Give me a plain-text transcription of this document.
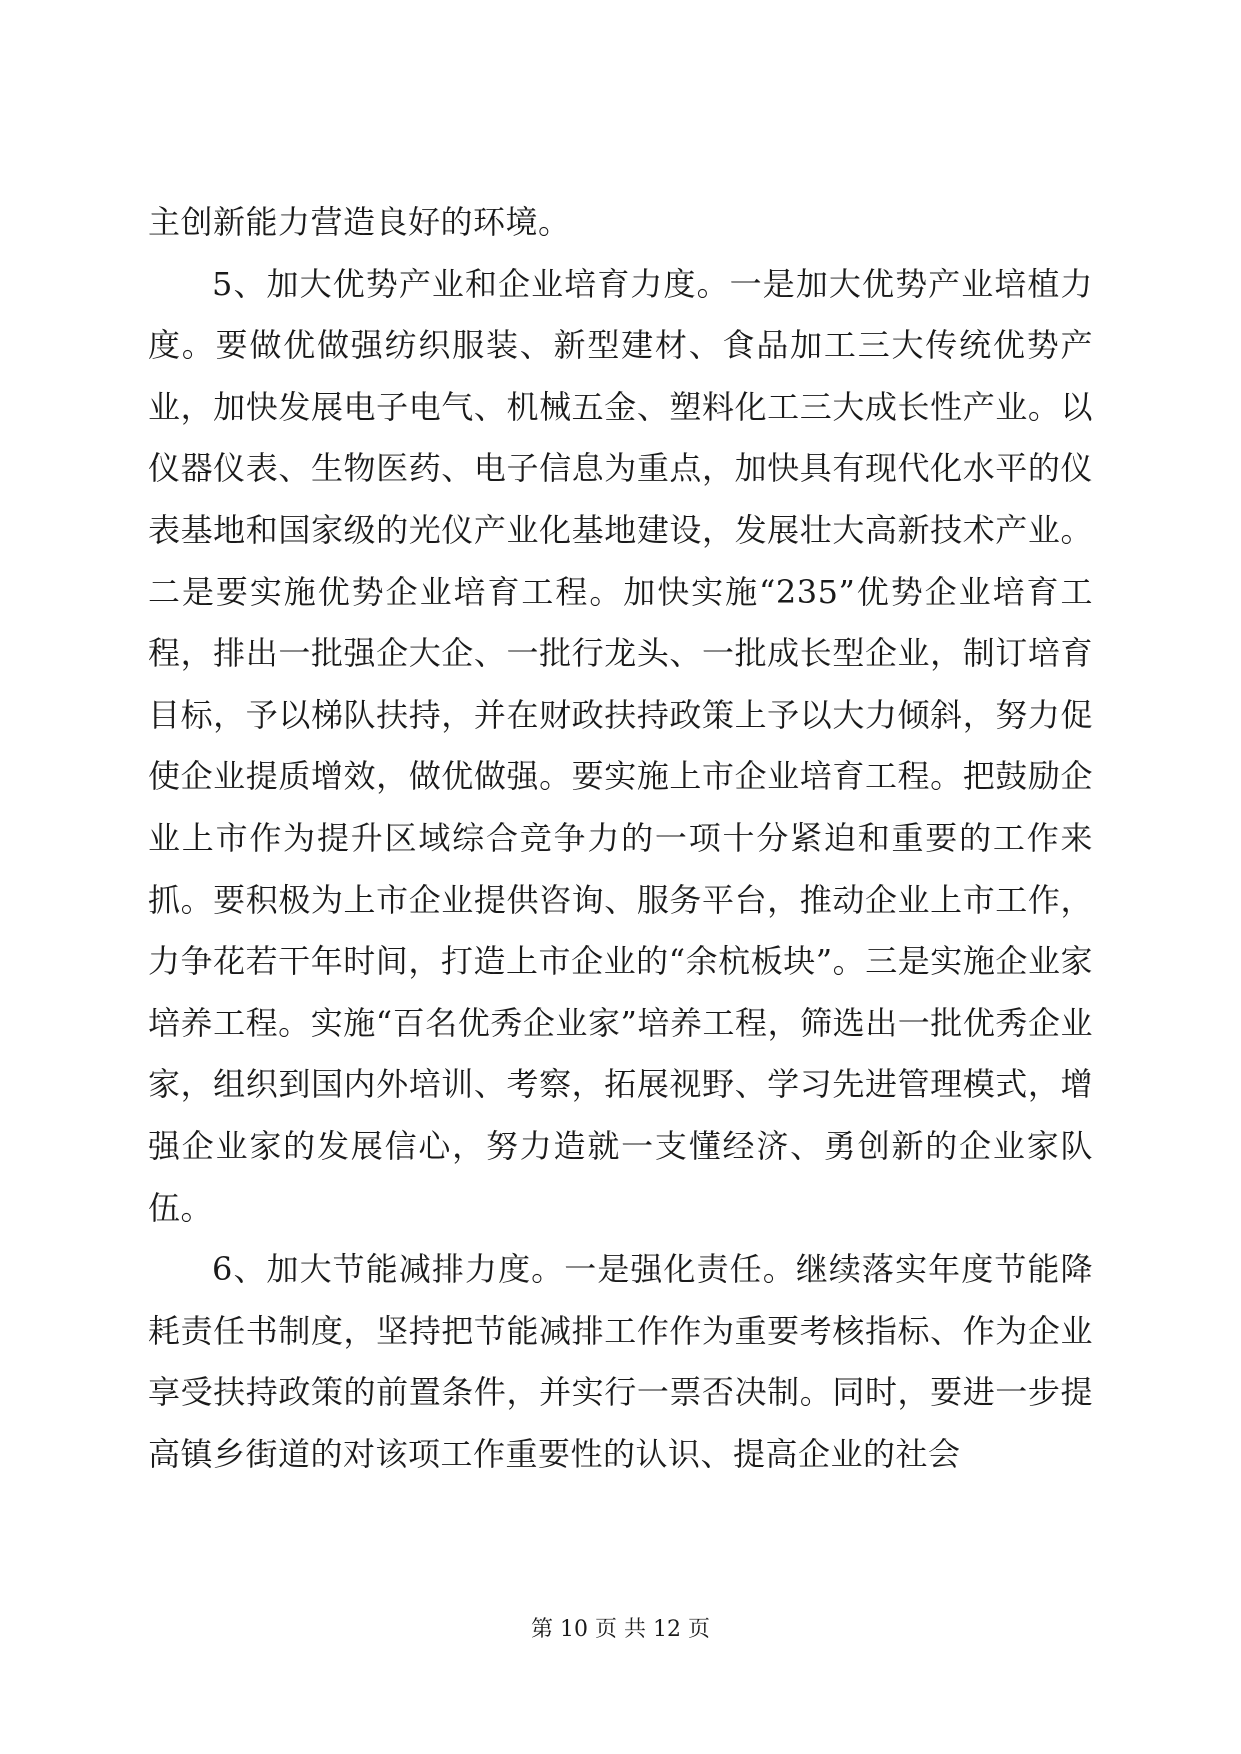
主创新能力营造良好的环境。

5、加大优势产业和企业培育力度。一是加大优势产业培植力度。要做优做强纺织服装、新型建材、食品加工三大传统优势产业，加快发展电子电气、机械五金、塑料化工三大成长性产业。以仪器仪表、生物医药、电子信息为重点，加快具有现代化水平的仪表基地和国家级的光仪产业化基地建设，发展壮大高新技术产业。二是要实施优势企业培育工程。加快实施“235”优势企业培育工程，排出一批强企大企、一批行龙头、一批成长型企业，制订培育目标，予以梯队扶持，并在财政扶持政策上予以大力倾斜，努力促使企业提质增效，做优做强。要实施上市企业培育工程。把鼓励企业上市作为提升区域综合竞争力的一项十分紧迫和重要的工作来抓。要积极为上市企业提供咨询、服务平台，推动企业上市工作，力争花若干年时间，打造上市企业的“余杭板块”。三是实施企业家培养工程。实施“百名优秀企业家”培养工程，筛选出一批优秀企业家，组织到国内外培训、考察，拓展视野、学习先进管理模式，增强企业家的发展信心，努力造就一支懂经济、勇创新的企业家队伍。

6、加大节能减排力度。一是强化责任。继续落实年度节能降耗责任书制度，坚持把节能减排工作作为重要考核指标、作为企业享受扶持政策的前置条件，并实行一票否决制。同时，要进一步提高镇乡街道的对该项工作重要性的认识、提高企业的社会

第 10 页 共 12 页
